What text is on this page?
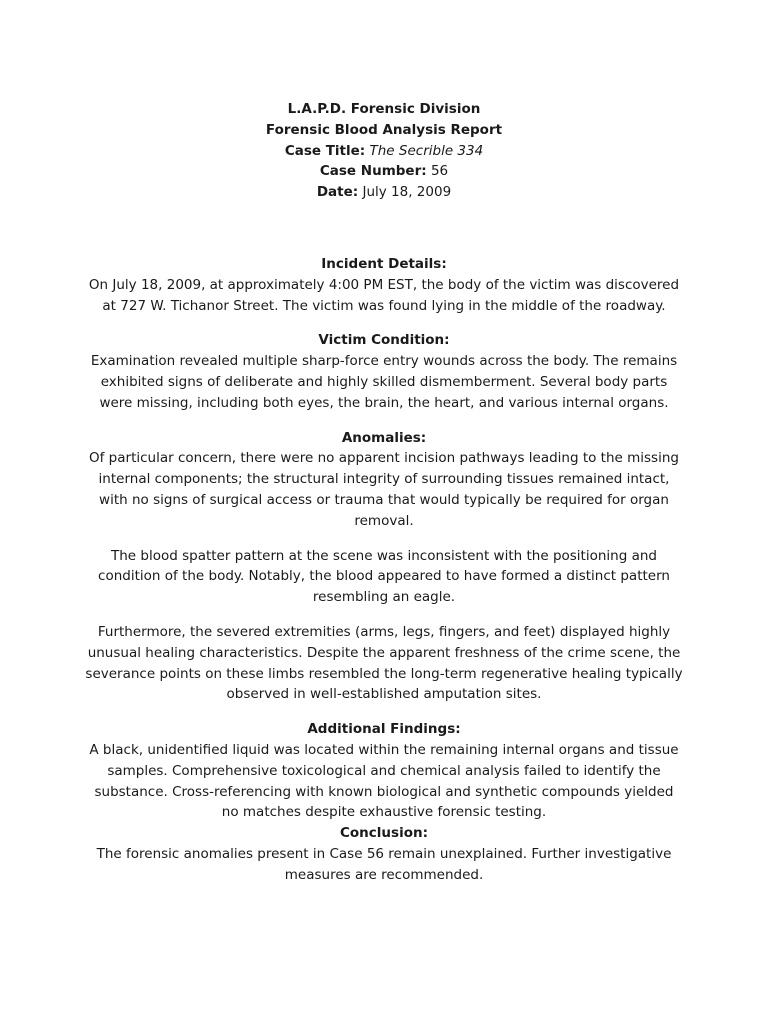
L.A.P.D. Forensic Division
Forensic Blood Analysis Report
Case Title: The Secrible 334
Case Number: 56
Date: July 18, 2009
Incident Details:

On July 18, 2009, at approximately 4:00 PM EST, the body of the victim was discovered at 727 W. Tichanor Street. The victim was found lying in the middle of the roadway.

Victim Condition:

Examination revealed multiple sharp-force entry wounds across the body. The remains exhibited signs of deliberate and highly skilled dismemberment. Several body parts were missing, including both eyes, the brain, the heart, and various internal organs.

Anomalies:

Of particular concern, there were no apparent incision pathways leading to the missing internal components; the structural integrity of surrounding tissues remained intact, with no signs of surgical access or trauma that would typically be required for organ removal.

The blood spatter pattern at the scene was inconsistent with the positioning and condition of the body. Notably, the blood appeared to have formed a distinct pattern resembling an eagle.

Furthermore, the severed extremities (arms, legs, fingers, and feet) displayed highly unusual healing characteristics. Despite the apparent freshness of the crime scene, the severance points on these limbs resembled the long-term regenerative healing typically observed in well-established amputation sites.

Additional Findings:

A black, unidentified liquid was located within the remaining internal organs and tissue samples. Comprehensive toxicological and chemical analysis failed to identify the substance. Cross-referencing with known biological and synthetic compounds yielded no matches despite exhaustive forensic testing.

Conclusion:

The forensic anomalies present in Case 56 remain unexplained. Further investigative measures are recommended.
